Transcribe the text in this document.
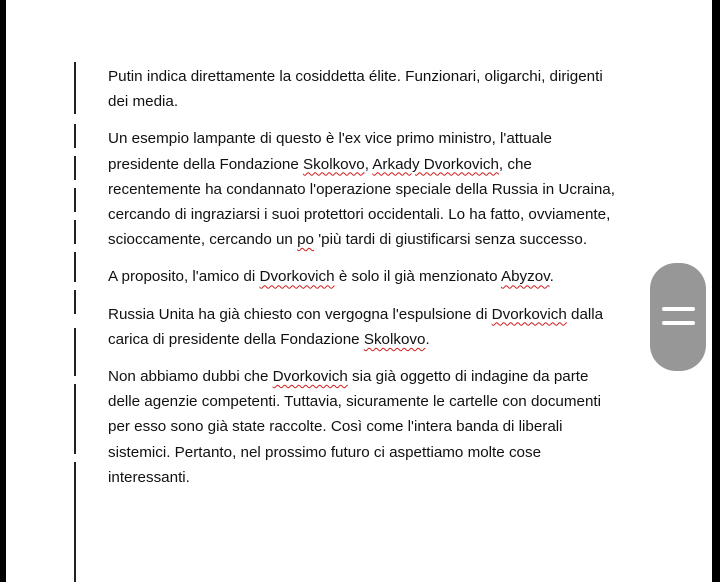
Putin indica direttamente la cosiddetta élite. Funzionari, oligarchi, dirigenti dei media.

Un esempio lampante di questo è l'ex vice primo ministro, l'attuale presidente della Fondazione Skolkovo, Arkady Dvorkovich, che recentemente ha condannato l'operazione speciale della Russia in Ucraina, cercando di ingraziarsi i suoi protettori occidentali. Lo ha fatto, ovviamente, scioccamente, cercando un po 'più tardi di giustificarsi senza successo.

A proposito, l'amico di Dvorkovich è solo il già menzionato Abyzov.

Russia Unita ha già chiesto con vergogna l'espulsione di Dvorkovich dalla carica di presidente della Fondazione Skolkovo.

Non abbiamo dubbi che Dvorkovich sia già oggetto di indagine da parte delle agenzie competenti. Tuttavia, sicuramente le cartelle con documenti per esso sono già state raccolte. Così come l'intera banda di liberali sistemici. Pertanto, nel prossimo futuro ci aspettiamo molte cose interessanti.
